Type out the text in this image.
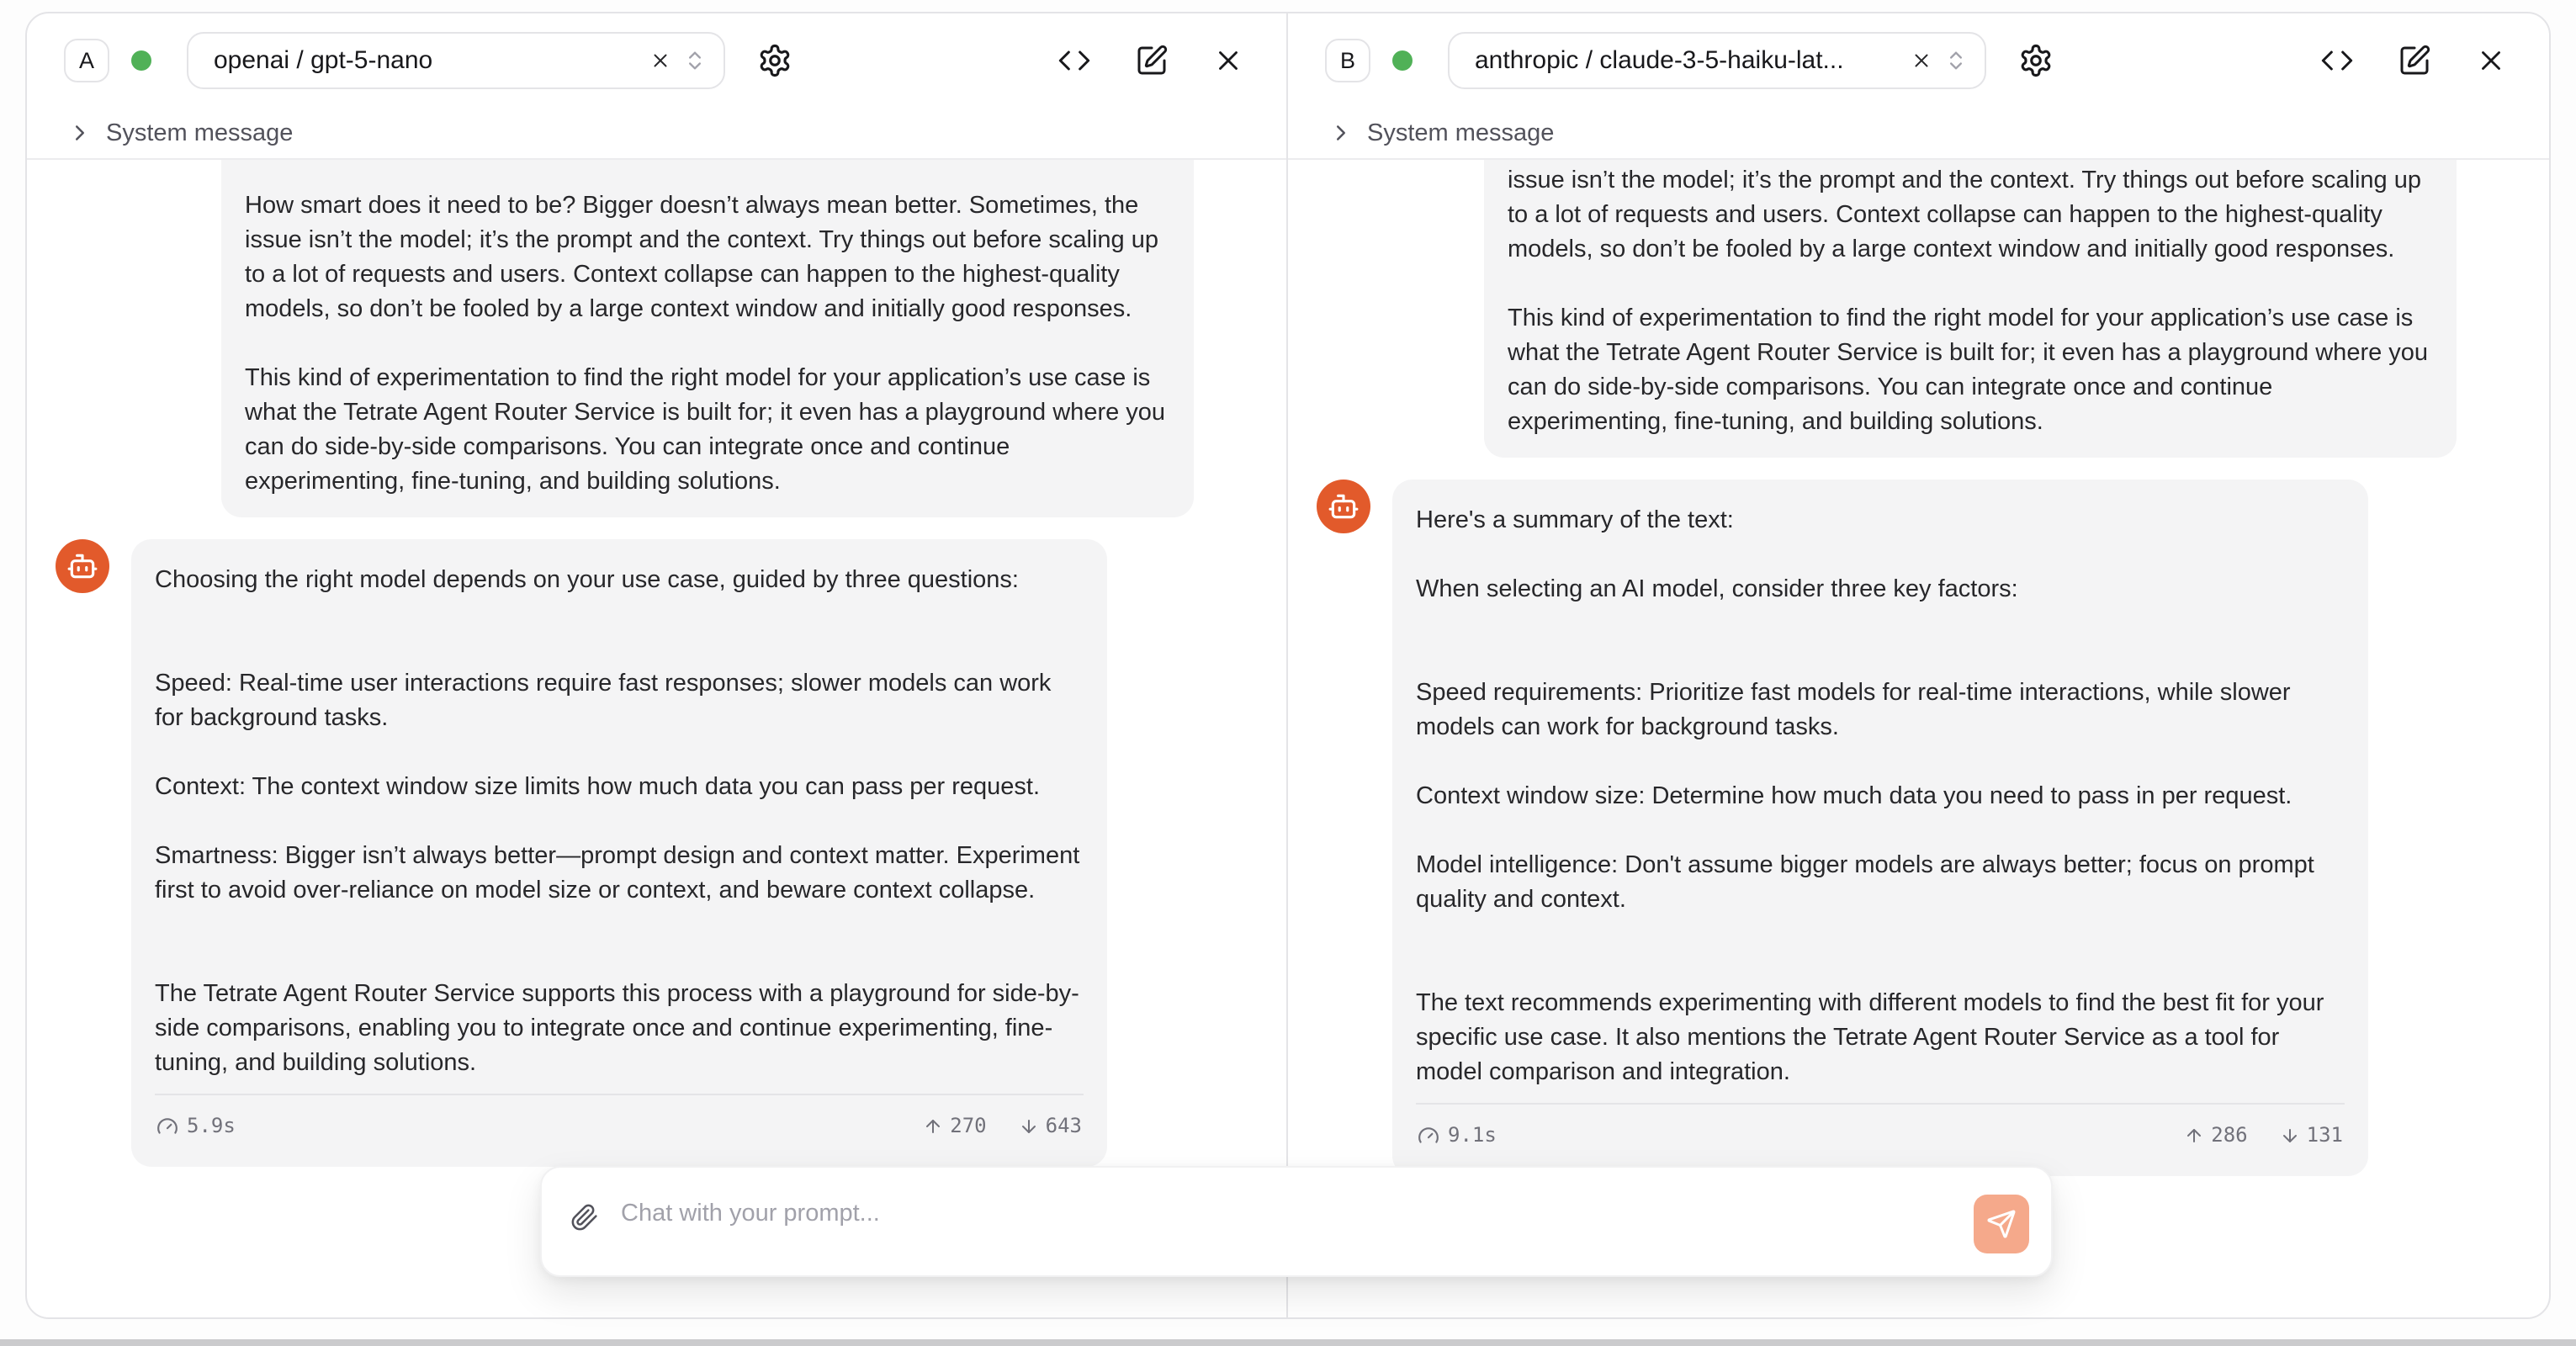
A	openai / gpt-5-nano
System message

How smart does it need to be? Bigger doesn’t always mean better. Sometimes, the issue isn’t the model; it’s the prompt and the context. Try things out before scaling up to a lot of requests and users. Context collapse can happen to the highest-quality models, so don’t be fooled by a large context window and initially good responses.

This kind of experimentation to find the right model for your application’s use case is what the Tetrate Agent Router Service is built for; it even has a playground where you can do side-by-side comparisons. You can integrate once and continue experimenting, fine-tuning, and building solutions.

Choosing the right model depends on your use case, guided by three questions:

Speed: Real-time user interactions require fast responses; slower models can work for background tasks.

Context: The context window size limits how much data you can pass per request.

Smartness: Bigger isn’t always better—prompt design and context matter. Experiment first to avoid over-reliance on model size or context, and beware context collapse.

The Tetrate Agent Router Service supports this process with a playground for side-by-side comparisons, enabling you to integrate once and continue experimenting, fine-tuning, and building solutions.

5.9s	270	643
B	anthropic / claude-3-5-haiku-lat...
System message

issue isn’t the model; it’s the prompt and the context. Try things out before scaling up to a lot of requests and users. Context collapse can happen to the highest-quality models, so don’t be fooled by a large context window and initially good responses.

This kind of experimentation to find the right model for your application’s use case is what the Tetrate Agent Router Service is built for; it even has a playground where you can do side-by-side comparisons. You can integrate once and continue experimenting, fine-tuning, and building solutions.

Here's a summary of the text:

When selecting an AI model, consider three key factors:

Speed requirements: Prioritize fast models for real-time interactions, while slower models can work for background tasks.

Context window size: Determine how much data you need to pass in per request.

Model intelligence: Don't assume bigger models are always better; focus on prompt quality and context.

The text recommends experimenting with different models to find the best fit for your specific use case. It also mentions the Tetrate Agent Router Service as a tool for model comparison and integration.

9.1s	286	131
Chat with your prompt...
